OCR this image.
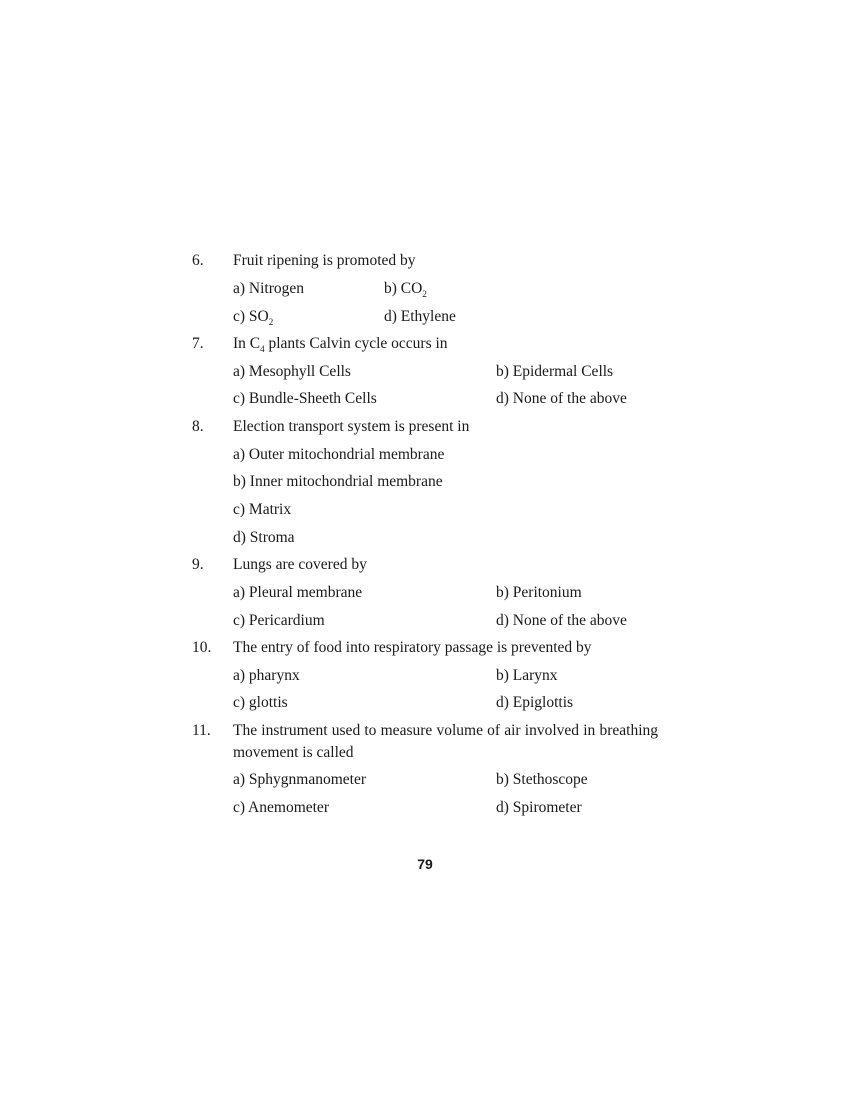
6. Fruit ripening is promoted by
a) Nitrogen	b) $CO_2$
c) $SO_2$	d) Ethylene
7. In $C_4$ plants Calvin cycle occurs in
a) Mesophyll Cells	b) Epidermal Cells
c) Bundle-Sheeth Cells	d) None of the above
8. Election transport system is present in
a) Outer mitochondrial membrane
b) Inner mitochondrial membrane
c) Matrix
d) Stroma
9. Lungs are covered by
a) Pleural membrane	b) Peritonium
c) Pericardium	d) None of the above
10. The entry of food into respiratory passage is prevented by
a) pharynx	b) Larynx
c) glottis	d) Epiglottis
11. The instrument used to measure volume of air involved in breathing movement is called
a) Sphygnmanometer	b) Stethoscope
c) Anemometer	d) Spirometer
79
